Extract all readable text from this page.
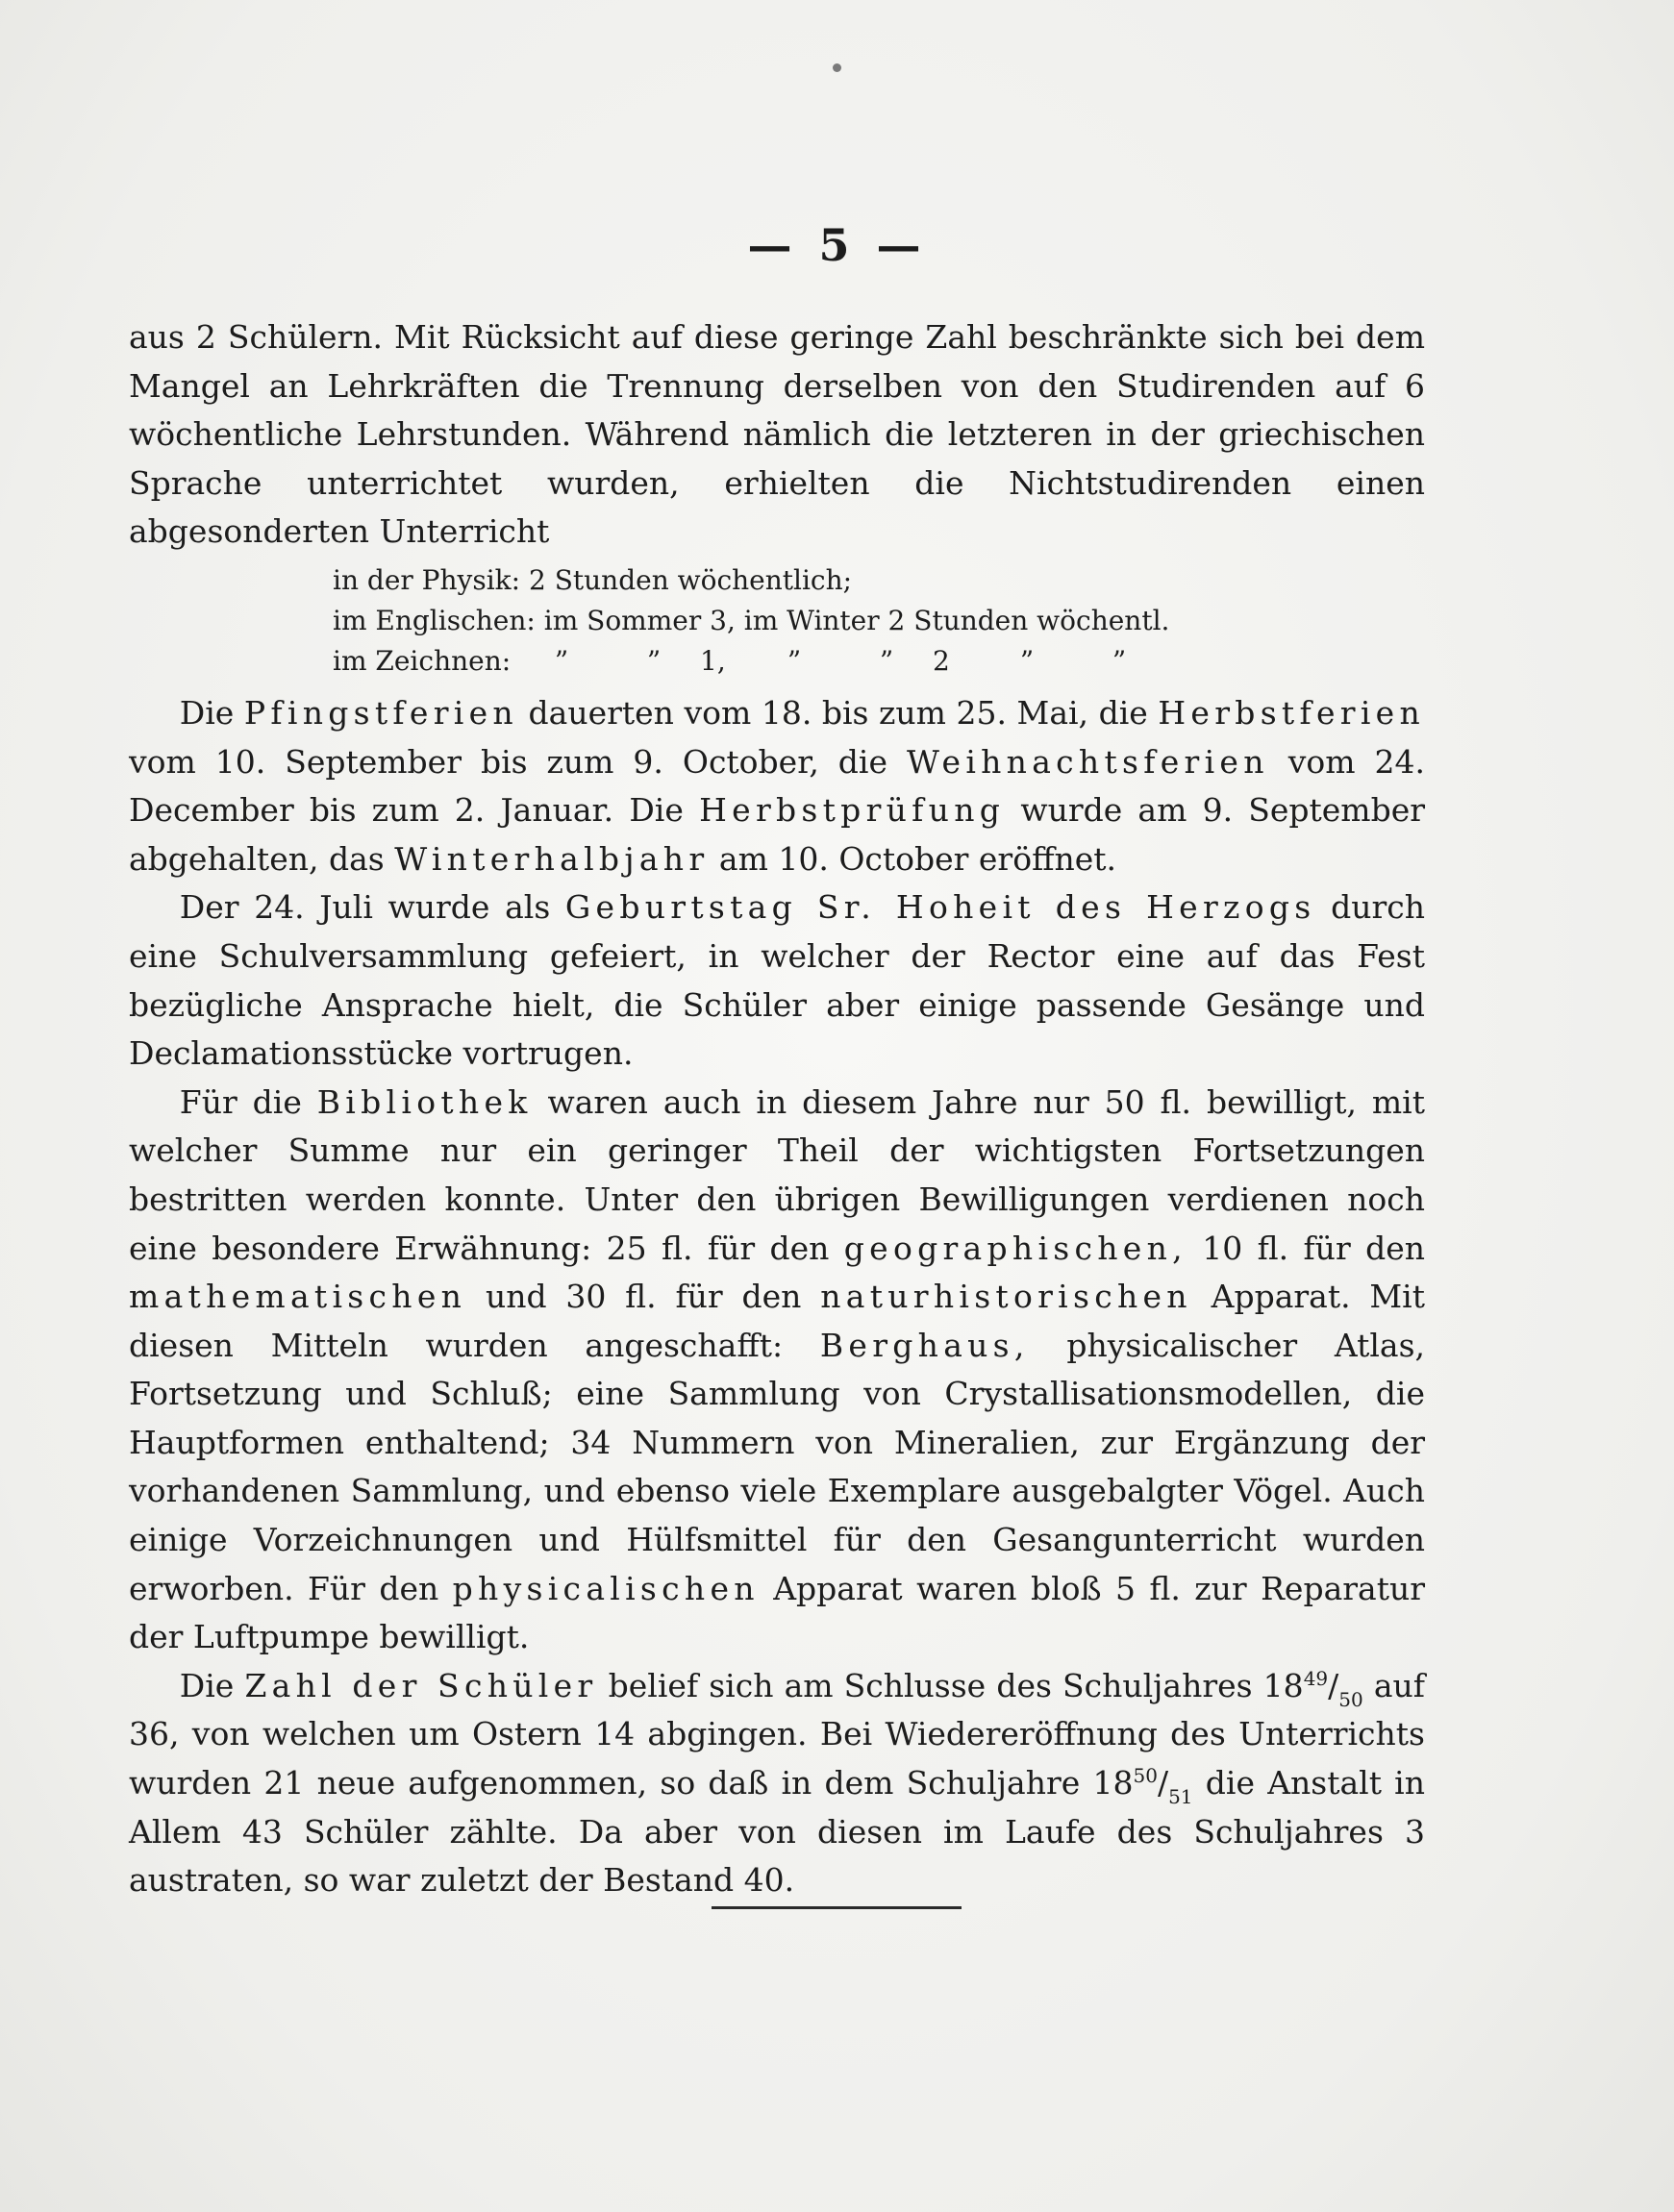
— 5 —

aus 2 Schülern. Mit Rücksicht auf diese geringe Zahl beschränkte sich bei dem Mangel an Lehrkräften die Trennung derselben von den Studirenden auf 6 wöchentliche Lehrstunden. Während nämlich die letzteren in der griechischen Sprache unterrichtet wurden, erhielten die Nichtstudirenden einen abgesonderten Unterricht

in der Physik: 2 Stunden wöchentlich;
im Englischen: im Sommer 3, im Winter 2 Stunden wöchentl.
im Zeichnen: ”	” 1, ”	” 2	”	”

Die Pfingstferien dauerten vom 18. bis zum 25. Mai, die Herbstferien vom 10. September bis zum 9. October, die Weihnachtsferien vom 24. December bis zum 2. Januar. Die Herbstprüfung wurde am 9. September abgehalten, das Winterhalbjahr am 10. October eröffnet.

Der 24. Juli wurde als Geburtstag Sr. Hoheit des Herzogs durch eine Schulversammlung gefeiert, in welcher der Rector eine auf das Fest bezügliche Ansprache hielt, die Schüler aber einige passende Gesänge und Declamationsstücke vortrugen.

Für die Bibliothek waren auch in diesem Jahre nur 50 fl. bewilligt, mit welcher Summe nur ein geringer Theil der wichtigsten Fortsetzungen bestritten werden konnte. Unter den übrigen Bewilligungen verdienen noch eine besondere Erwähnung: 25 fl. für den geographischen, 10 fl. für den mathematischen und 30 fl. für den naturhistorischen Apparat. Mit diesen Mitteln wurden angeschafft: Berghaus, physicalischer Atlas, Fortsetzung und Schluß; eine Sammlung von Crystallisationsmodellen, die Hauptformen enthaltend; 34 Nummern von Mineralien, zur Ergänzung der vorhandenen Sammlung, und ebenso viele Exemplare ausgebalgter Vögel. Auch einige Vorzeichnungen und Hülfsmittel für den Gesangunterricht wurden erworben. Für den physicalischen Apparat waren bloß 5 fl. zur Reparatur der Luftpumpe bewilligt.

Die Zahl der Schüler belief sich am Schlusse des Schuljahres $18^{49}/_{50}$ auf 36, von welchen um Ostern 14 abgingen. Bei Wiedereröffnung des Unterrichts wurden 21 neue aufgenommen, so daß in dem Schuljahre $18^{50}/_{51}$ die Anstalt in Allem 43 Schüler zählte. Da aber von diesen im Laufe des Schuljahres 3 austraten, so war zuletzt der Bestand 40.
